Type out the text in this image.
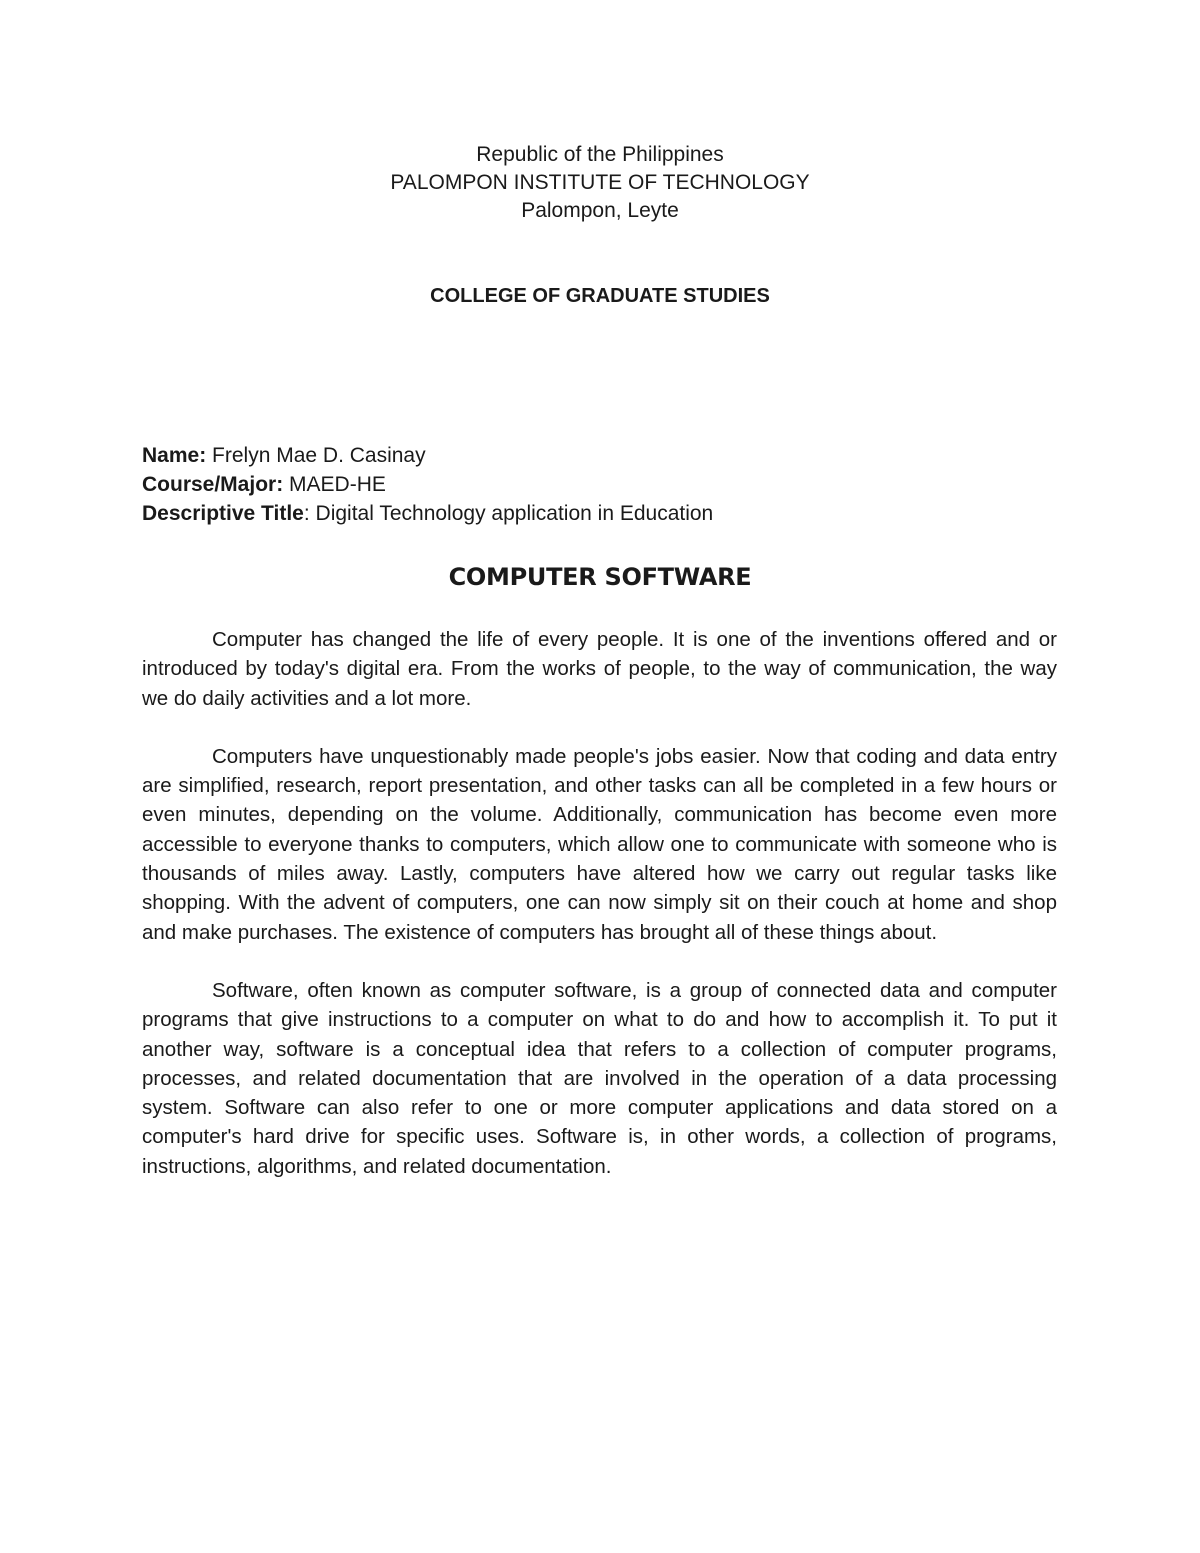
Republic of the Philippines
PALOMPON INSTITUTE OF TECHNOLOGY
Palompon, Leyte
COLLEGE OF GRADUATE STUDIES
Name: Frelyn Mae D. Casinay
Course/Major: MAED-HE
Descriptive Title: Digital Technology application in Education
COMPUTER SOFTWARE

Computer has changed the life of every people. It is one of the inventions offered and or introduced by today's digital era. From the works of people, to the way of communication, the way we do daily activities and a lot more.

Computers have unquestionably made people's jobs easier. Now that coding and data entry are simplified, research, report presentation, and other tasks can all be completed in a few hours or even minutes, depending on the volume. Additionally, communication has become even more accessible to everyone thanks to computers, which allow one to communicate with someone who is thousands of miles away. Lastly, computers have altered how we carry out regular tasks like shopping. With the advent of computers, one can now simply sit on their couch at home and shop and make purchases. The existence of computers has brought all of these things about.

Software, often known as computer software, is a group of connected data and computer programs that give instructions to a computer on what to do and how to accomplish it. To put it another way, software is a conceptual idea that refers to a collection of computer programs, processes, and related documentation that are involved in the operation of a data processing system. Software can also refer to one or more computer applications and data stored on a computer's hard drive for specific uses. Software is, in other words, a collection of programs, instructions, algorithms, and related documentation.
